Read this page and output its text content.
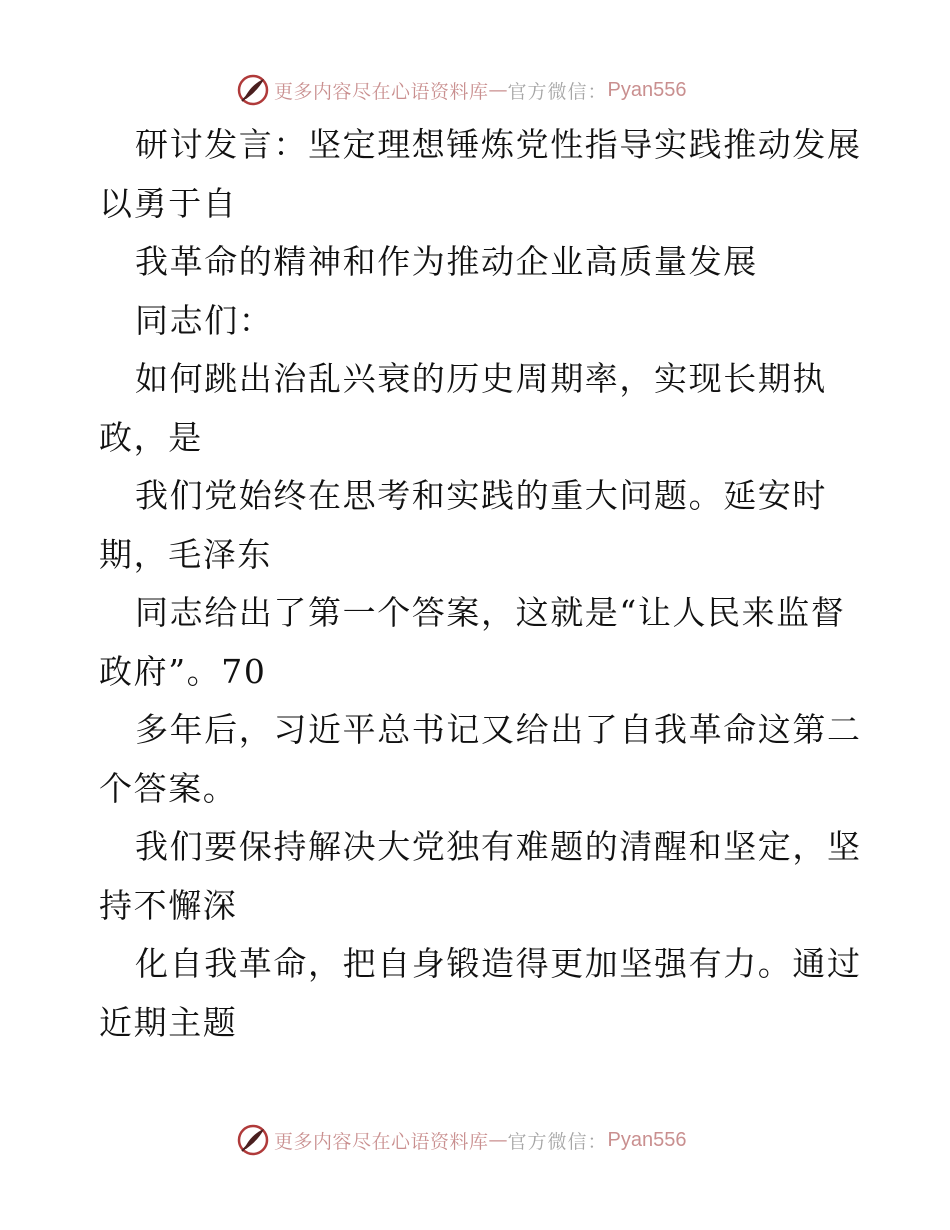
更多内容尽在心语资料库 — 官方微信： Pyan556
研讨发言：坚定理想锤炼党性指导实践推动发展
以勇于自
我革命的精神和作为推动企业高质量发展
同志们：
如何跳出治乱兴衰的历史周期率，实现长期执
政，是
我们党始终在思考和实践的重大问题。延安时
期，毛泽东
同志给出了第一个答案，这就是“让人民来监督
政府”。70
多年后，习近平总书记又给出了自我革命这第二
个答案。
我们要保持解决大党独有难题的清醒和坚定，坚
持不懈深
化自我革命，把自身锻造得更加坚强有力。通过
近期主题
更多内容尽在心语资料库 — 官方微信： Pyan556
